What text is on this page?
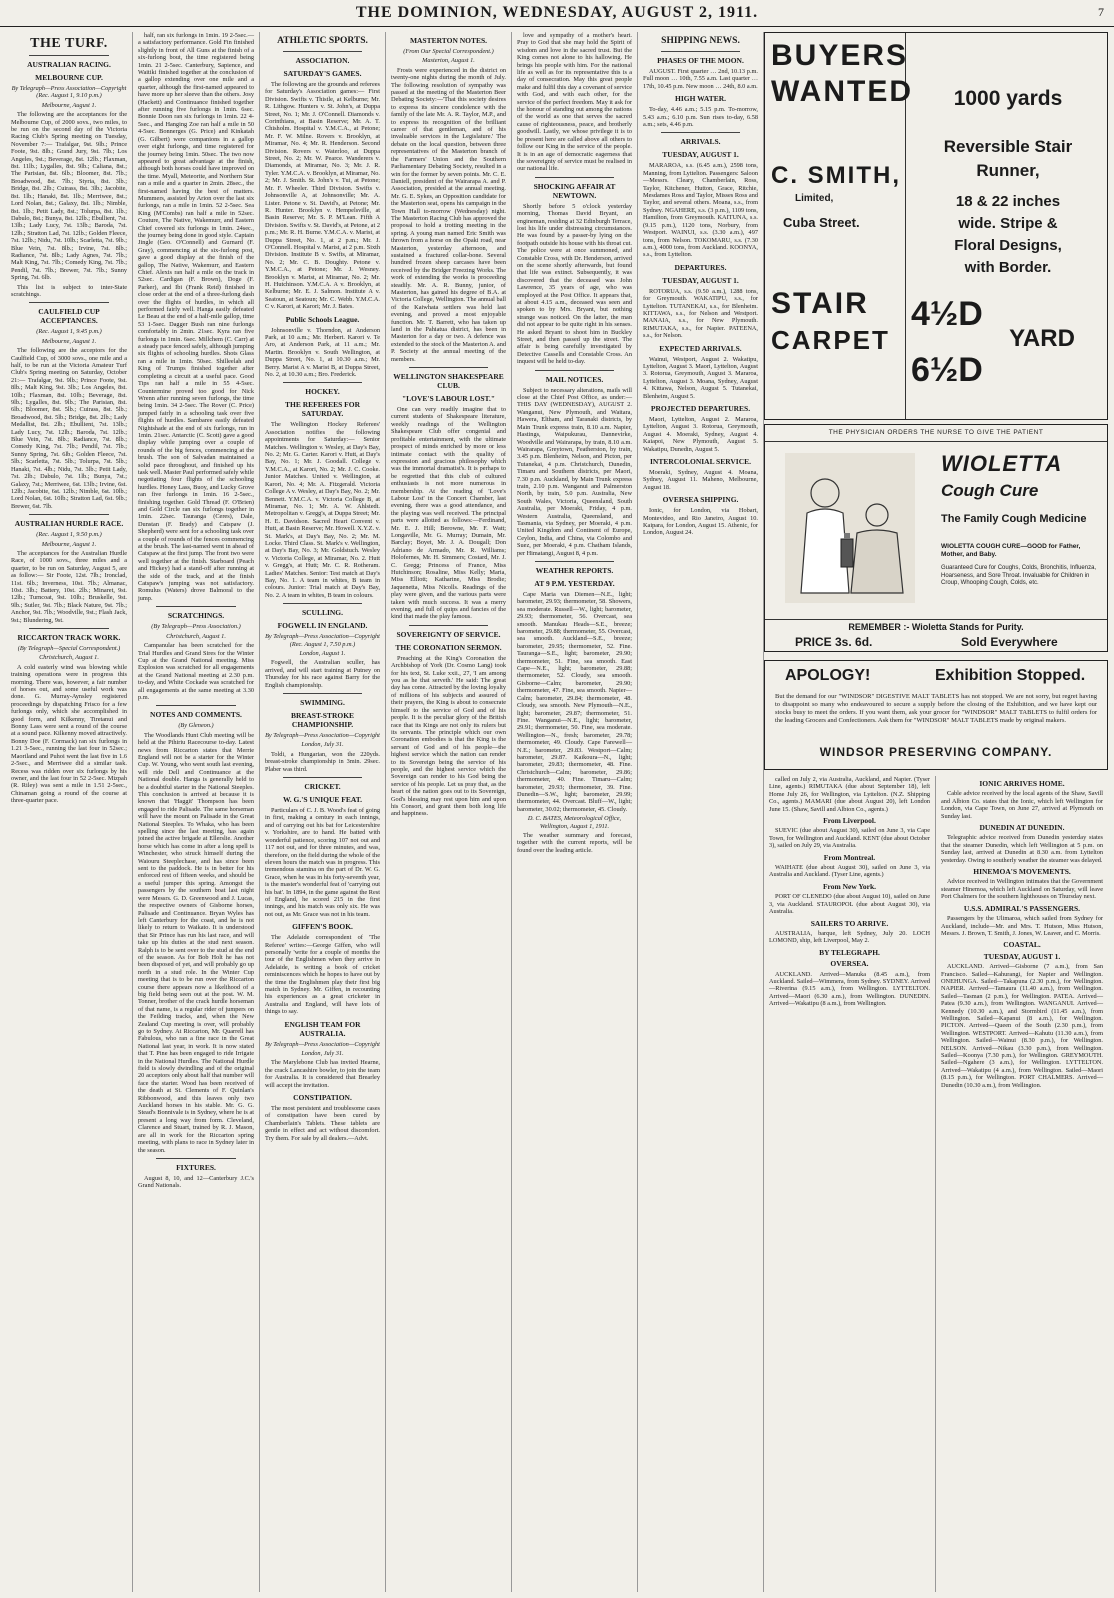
THE DOMINION, WEDNESDAY, AUGUST 2, 1911.	7
THE TURF.
AUSTRALIAN RACING.
MELBOURNE CUP.

By Telegraph—Press Association—Copyright (Rec. August 1, 9.10 p.m.)

Melbourne, August 1.

The following are the acceptances for the Melbourne Cup, of 2000 sovs., two miles, to be run on the second day of the Victoria Racing Club's Spring meeting on Tuesday, November 7:— Trafalgar, 9st. 9lb.; Prince Foote, 9st. 8lb.; Grand Jury, 9st. 7lb.; Los Angeles, 9st.; Beverage, 8st. 12lb.; Flaxman, 8st. 11lb.; Lygalles, 8st. 9lb.; Caliana, 8st.; The Parisian, 8st. 6lb.; Bloomer, 8st. 7lb.; Broadwood, 8st. 7lb.; Styria, 8st. 3lb.; Bridge, 8st. 2lb.; Cuirass, 8st. 3lb.; Jacobite, 8st. 1lb.; Hanaki, 8st. 1lb.; Merriwee, 8st.; Lord Nolan, 8st.; Galaxy, 8st. 1lb.; Nimble, 8st. 1lb.; Petit Lady, 8st.; Tolurpa, 8st. 1lb.; Dabulo, 8st.; Bunya, 8st. 12lb.; Ebullient, 7st. 13lb.; Lady Lucy, 7st. 13lb.; Baroda, 7st. 12lb.; Stratton Lad, 7st. 12lb.; Golden Fleece, 7st. 12lb.; Nidu, 7st. 10lb.; Scarletta, 7st. 9lb.; Blue Vein, 7st. 8lb.; Irvine, 7st. 8lb.; Radiance, 7st. 8lb.; Lady Agnes, 7st. 7lb.; Malt King, 7st. 7lb.; Comedy King, 7st. 7lb.; Pendil, 7st. 7lb.; Brewer, 7st. 7lb.; Sunny Spring, 7st. 6lb.

This list is subject to inter-State scratchings.

CAULFIELD CUP ACCEPTANCES.

(Rec. August 1, 9.45 p.m.)

Melbourne, August 1.

The following are the acceptors for the Caulfield Cup, of 3000 sovs., one mile and a half, to be run at the Victoria Amateur Turf Club's Spring meeting on Saturday, October 21:— Trafalgar, 9st. 9lb.; Prince Foote, 9st. 8lb.; Malt King, 9st. 3lb.; Los Angeles, 8st. 10lb.; Flaxman, 8st. 10lb.; Beverage, 8st. 9lb.; Lygalles, 8st. 9lb.; The Parisian, 8st. 6lb.; Bloomer, 8st. 5lb.; Cuirass, 8st. 5lb.; Broadwood, 8st. 5lb.; Bridge, 8st. 2lb.; Lady Medallist, 8st. 2lb.; Ebullient, 7st. 13lb.; Lady Lucy, 7st. 12lb.; Baroda, 7st. 12lb.; Blue Vein, 7st. 8lb.; Radiance, 7st. 8lb.; Comedy King, 7st. 7lb.; Pendil, 7st. 7lb.; Sunny Spring, 7st. 6lb.; Golden Fleece, 7st. 5lb.; Scarletta, 7st. 5lb.; Tolurpa, 7st. 5lb.; Hanaki, 7st. 4lb.; Nidu, 7st. 3lb.; Petit Lady, 7st. 2lb.; Dabulo, 7st. 1lb.; Bunya, 7st.; Galaxy, 7st.; Merriwee, 6st. 13lb.; Irvine, 6st. 12lb.; Jacobite, 6st. 12lb.; Nimble, 6st. 10lb.; Lord Nolan, 6st. 10lb.; Stratton Lad, 6st. 9lb.; Brewer, 6st. 7lb.

AUSTRALIAN HURDLE RACE.

(Rec. August 1, 9.50 p.m.)

Melbourne, August 1.

The acceptances for the Australian Hurdle Race, of 1000 sovs., three miles and a quarter, to be run on Saturday, August 5, are as follow:— Sir Foote, 12st. 7lb.; Ironclad, 11st. 6lb.; Inverness, 10st. 7lb.; Almanac, 10st. 3lb.; Battery, 10st. 2lb.; Minaret, 9st. 12lb.; Turncoat, 9st. 10lb.; Bruskelle, 9st. 9lb.; Sutler, 9st. 7lb.; Black Nature, 9st. 7lb.; Anchor, 9st. 7lb.; Woodville, 9st.; Flash Jack, 9st.; Blundering, 9st.

RICCARTON TRACK WORK.

(By Telegraph—Special Correspondent.)

Christchurch, August 1.

A cold easterly wind was blowing while training operations were in progress this morning. There was, however, a fair number of horses out, and some useful work was done. G. Murray-Aynsley registered proceedings by dispatching Frisco for a few furlongs only, which she accomplished in good form, and Kilkenny, Tiretanui and Bonny Lass were sent a round of the course at a sound pace. Kilkenny moved attractively. Bonny Doe (F. Cormack) ran six furlongs in 1.21 3-5sec., running the last four in 52sec.; Maoriland and Puhoi went the last five in 1.6 2-5sec., and Merriwee did a similar task. Recess was ridden over six furlongs by his owner, and the last four in 52 2-5sec. Mizpah (R. Riley) was sent a mile in 1.51 2-5sec., Chinaman going a round of the course at three-quarter pace.

half, ran six furlongs in 1min. 19 2-5sec.—a satisfactory performance. Gold Fin finished slightly in front of All Guns at the finish of a six-furlong bout, the time registered being 1min. 21 2-5sec. Canterbury, Sapience, and Waitiki finished together at the conclusion of a gallop extending over one mile and a quarter, although the first-named appeared to have more up her sleeve than the others. Josy (Hackett) and Continuance finished together after running five furlongs in 1min. 6sec. Bonnie Doon ran six furlongs in 1min. 22 4-5sec., and Hanging Zoe ran half a mile in 50 4-5sec. Bonnerges (G. Price) and Kinkatah (G. Gilbert) were companions in a gallop over eight furlongs, and time registered for the journey being 1min. 50sec. The two now appeared to great advantage at the finish, although both horses could have improved on the time. Myall, Meteorite, and Northern Star ran a mile and a quarter in 2min. 28sec., the first-named having the best of matters. Mummers, assisted by Arion over the last six furlongs, ran a mile in 1min. 52 2-5sec. Sea King (M'Combs) ran half a mile in 52sec. Couture, The Native, Wakemurr, and Eastern Chief covered six furlongs in 1min. 24sec., the journey being done in good style. Captain Jingle (Geo. O'Connell) and Gurnard (F. Gray), commencing at the six-furlong post, gave a good display at the finish of the gallop, The Native, Wakemurr, and Eastern Chief. Alexis ran half a mile on the track in 52sec. Cardigan (F. Brown), Doge (F. Parker), and Ibi (Frank Reid) finished in close order at the end of a three-furlong dash over the flights of hurdles, in which all performed fairly well. Hanga easily defeated Le Beau at the end of a half-mile gallop, time 53 1-5sec. Dagger Bush ran nine furlongs comfortably in 2min. 21sec. Kyra ran five furlongs in 1min. 6sec. Millchem (C. Carr) at a steady pace fenced safely, although jumping six flights of schooling hurdles. Shots Glass ran a mile in 1min. 50sec. Shilleelah and King of Trumps finished together after completing a circuit at a useful pace. Good Tips ran half a mile in 55 4-5sec. Countermine proved too good for Nick Wrenn after running seven furlongs, the time being 1min. 34 2-5sec. The Rover (C. Price) jumped fairly in a schooling task over five flights of hurdles. Sambaree easily defeated Nightshade at the end of six furlongs, run in 1min. 21sec. Antarctic (C. Scott) gave a good display while jumping over a couple of rounds of the big fences, commencing at the brush. The son of Salvadan maintained a solid pace throughout, and finished up his task well. Master Paul performed safely while negotiating four flights of the schooling hurdles. Honey Lass, Buoy, and Lucky Grove ran five furlongs in 1min. 16 2-5sec., finishing together. Gold Thread (F. O'Brien) and Gold Circle ran six furlongs together in 1min. 22sec. Tauranga (Ceres), Dale, Dunstan (F. Brady) and Catspaw (J. Shepherd) were sent for a schooling task over a couple of rounds of the fences commencing at the brush. The last-named went in ahead of Catspaw at the first jump. The front two were well together at the finish. Starboard (Peach and Hickey) had a stand-off after running at the side of the track, and at the finish Catspaw's jumping was not satisfactory. Romulus (Waters) drove Balmoral to the jump.

SCRATCHINGS.

(By Telegraph—Press Association.)

Christchurch, August 1.

Campanular has been scratched for the Trial Hurdles and Grand Sires for the Winter Cup at the Grand National meeting. Miss Explosion was scratched for all engagements at the Grand National meeting at 2.30 p.m. to-day, and White Cockade was scratched for all engagements at the same meeting at 3.30 p.m.

NOTES AND COMMENTS.

(By Gleneon.)

The Woodlands Hunt Club meeting will be held at the Pihiriu Racecourse to-day. Latest news from Riccarton states that Merrie England will not be a starter for the Winter Cup. W. Young, who went south last evening, will ride Dell and Continuance at the National double. Hanga is generally held to be a doubtful starter in the National Steeples. This conclusion is arrived at because it is known that 'Haggit' Thompson has been engaged to ride Palisade. The same horseman will have the mount on Palisade in the Great National Steeples. To Whaka, who has been spelling since the last meeting, has again joined the active brigade at Ellerslie. Another horse which has come in after a long spell is Winchester, who struck himself during the Waiouru Steeplechase, and has since been sent to the paddock. He is in better for his enforced rest of fifteen weeks, and should be a useful jumper this spring. Amongst the passengers by the southern boat last night were Messrs. G. D. Greenwood and J. Lucas, the respective owners of Gisborne horses, Palisade and Continuance. Bryan Wyles has left Canterbury for the coast, and he is not likely to return to Waikato. It is understood that Sir Prince has run his last race, and will take up his duties at the stud next season. Ralph is to be sent over to the stud at the end of the season. As for Bob Holt he has not been disposed of yet, and will probably go up north in a stud role. In the Winter Cup meeting that is to be run over the Riccarton course there appears now a likelihood of a big field being seen out at the post. W. M. Tonner, brother of the crack hurdle horseman of that name, is a regular rider of jumpers on the Feilding tracks, and, when the New Zealand Cup meeting is over, will probably go to Sydney. At Riccarton, Mr. Quarrell has Fabulous, who ran a fine race in the Great National last year, in work. It is now stated that T. Pine has been engaged to ride Irrigate in the National Hurdles. The National Hurdle field is slowly dwindling and of the original 20 acceptors only about half that number will face the starter. Wood has been received of the death at St. Clements of F. Quinlan's Ribbonwood, and this leaves only two Auckland horses in his stable. Mr. G. G. Stead's Bonnivale is in Sydney, where he is at present a long way from form. Cleveland, Clarence and Stuart, trained by R. J. Mason, are all in work for the Riccarton spring meeting, with plans to race in Sydney later in the season.

FIXTURES.

August 8, 10, and 12—Canterbury J.C.'s Grand Nationals.

ATHLETIC SPORTS.
ASSOCIATION.
SATURDAY'S GAMES.

The following are the grounds and referees for Saturday's Association games:— First Division. Swifts v. Thistle, at Kelburne; Mr. R. Lithgow. Hunters v. St. John's, at Duppa Street, No. 1; Mr. J. O'Connell. Diamonds v. Corinthians, at Basin Reserve; Mr. A. T. Chisholm. Hospital v. Y.M.C.A., at Petone; Mr. F. W. Milne. Rovers v. Brooklyn, at Miramar, No. 4; Mr. R. Henderson. Second Division. Rovers v. Waterloo, at Duppa Street, No. 2; Mr. W. Pearce. Wanderers v. Diamonds, at Miramar, No. 3; Mr. J. R. Tyler. Y.M.C.A. v. Brooklyn, at Miramar, No. 2; Mr. J. Smith. St. John's v. Tui, at Petone; Mr. F. Wheeler. Third Division. Swifts v. Johnsonville A, at Johnsonville; Mr. A. Lister. Petone v. St. David's, at Petone; Mr. R. Hunter. Brooklyn v. Hempelsville, at Basin Reserve; Mr. S. P. M'Lean. Fifth A Division. Swifts v. St. David's, at Petone, at 2 p.m.; Mr. R. H. Burne. Y.M.C.A. v. Marist, at Duppa Street, No. 1, at 2 p.m.; Mr. J. O'Connell. Hospital v. Marist, at 2 p.m. Sixth Division. Institute B v. Swifts, at Miramar, No. 2; Mr. C. B. Doughty. Petone v. Y.M.C.A., at Petone; Mr. J. Wesney. Brooklyn v. Marist, at Miramar, No. 2; Mr. H. Hutchinson. Y.M.C.A. A v. Brooklyn, at Kelburne; Mr. E. J. Salmon. Institute A v. Seatoun, at Seatoun; Mr. C. Webb. Y.M.C.A. C v. Karori, at Karori; Mr. J. Bates.

Public Schools League.

Johnsonville v. Thorndon, at Anderson Park, at 10 a.m.; Mr. Herbert. Karori v. Te Aro, at Anderson Park, at 11 a.m.; Mr. Martin. Brooklyn v. South Wellington, at Duppa Street, No. 1, at 10.30 a.m.; Mr. Berry. Marist A v. Marist B, at Duppa Street, No. 2, at 10.30 a.m.; Bro. Frederick.

HOCKEY.
THE REFEREES FOR SATURDAY.

The Wellington Hockey Referees' Association notifies the following appointments for Saturday:— Senior Matches. Wellington v. Wesley, at Day's Bay, No. 2; Mr. G. Carter. Karori v. Hutt, at Day's Bay, No. 1; Mr. J. Goodall. College v. Y.M.C.A., at Karori, No. 2; Mr. J. C. Cooke. Junior Matches. United v. Wellington, at Karori, No. 4; Mr. A. Fitzgerald. Victoria College A v. Wesley, at Day's Bay, No. 2; Mr. Bennett. Y.M.C.A. v. Victoria College B, at Miramar, No. 1; Mr. A. W. Ahlstedt. Metropolitan v. Gregg's, at Duppa Street; Mr. H. E. Davidson. Sacred Heart Convent v. Hutt, at Basin Reserve; Mr. Howell. X.Y.Z. v. St. Mark's, at Day's Bay, No. 2; Mr. M. Locke. Third Class. St. Mark's v. Wellington, at Day's Bay, No. 3; Mr. Goldstuch. Wesley v. Victoria College, at Miramar, No. 2. Hutt v. Gregg's, at Hutt; Mr. C. R. Rotheram. Ladies' Matches. Senior: Test match at Day's Bay, No. 1. A team in whites, B team in colours. Junior: Trial match at Day's Bay, No. 2. A team in whites, B team in colours.

SCULLING.
FOGWELL IN ENGLAND.

By Telegraph—Press Association—Copyright (Rec. August 1, 7.50 p.m.)

London, August 1.

Fogwell, the Australian sculler, has arrived, and will start training at Putney on Thursday for his race against Barry for the English championship.

SWIMMING.
BREAST-STROKE CHAMPIONSHIP.

By Telegraph—Press Association—Copyright

London, July 31.

Toldi, a Hungarian, won the 220yds. breast-stroke championship in 3min. 29sec. Plaber was third.

CRICKET.
W. G.'S UNIQUE FEAT.

Particulars of C. J. B. Wood's feat of going in first, making a century in each innings, and of carrying out his bat for Leicestershire v. Yorkshire, are to hand. He batted with wonderful patience, scoring 107 not out and 117 not out, and for three minutes, and was, therefore, on the field during the whole of the eleven hours the match was in progress. This tremendous stamina on the part of Dr. W. G. Grace, when he was in his forty-seventh year, is the master's wonderful feat of 'carrying out his bat'. In 1894, in the game against the Rest of England, he scored 215 in the first innings, and his match was only six. He was not out, as Mr. Grace was not in his team.

GIFFEN'S BOOK.

The Adelaide correspondent of 'The Referee' writes:—George Giffen, who will personally 'write for a couple of months the tour of the Englishmen when they arrive in Adelaide, is writing a book of cricket reminiscences which he hopes to have out by the time the Englishmen play their first big match in Sydney. Mr. Giffen, in recounting his experiences as a great cricketer in Australia and England, will have lots of things to say.

ENGLISH TEAM FOR AUSTRALIA.

By Telegraph—Press Association—Copyright

London, July 31.

The Marylebone Club has invited Hearne, the crack Lancashire bowler, to join the team for Australia. It is considered that Brearley will accept the invitation.

CONSTIPATION.

The most persistent and troublesome cases of constipation have been cured by Chamberlain's Tablets. These tablets are gentle in effect and act without discomfort. Try them. For sale by all dealers.—Advt.

MASTERTON NOTES.

(From Our Special Correspondent.)

Masterton, August 1.

Frosts were experienced in the district on twenty-one nights during the month of July. The following resolution of sympathy was passed at the meeting of the Masterton Beer Debating Society:—'That this society desires to express its sincere condolence with the family of the late Mr. A. R. Taylor, M.P., and to express its recognition of the brilliant career of that gentleman, and of his invaluable services in the Legislature.' The debate on the local question, between three representatives of the Masterton branch of the Farmers' Union and the Southern Parliamentary Debating Society, resulted in a win for the former by seven points. Mr. C. E. Daniell, president of the Wairarapa A. and P. Association, presided at the annual meeting. Mr. G. E. Sykes, an Opposition candidate for the Masterton seat, opens his campaign in the Town Hall to-morrow (Wednesday) night. The Masterton Racing Club has approved the proposal to hold a trotting meeting in the spring. A young man named Eric Smith was thrown from a horse on the Opaki road, near Masterton, yesterday afternoon, and sustained a fractured collar-bone. Several hundred frozen sheep carcases have been received by the Bridger Freezing Works. The work of extending the works is proceeding steadily. Mr. A. R. Bunny, junior, of Masterton, has gained his degree of B.A. at Victoria College, Wellington. The annual ball of the Kaiwhata settlers was held last evening, and proved a most enjoyable function. Mr. T. Barrett, who has taken up land in the Pahiatua district, has been in Masterton for a day or two. A defence was extended to the stock of the Masterton A. and P. Society at the annual meeting of the members.

WELLINGTON SHAKESPEARE CLUB.
"LOVE'S LABOUR LOST."

One can very readily imagine that to current students of Shakespeare literature, weekly readings of the Wellington Shakespeare Club offer congenial and profitable entertainment, with the ultimate prospect of minds enriched by more or less intimate contact with the quality of expression and gracious philosophy which was the immortal dramatist's. It is perhaps to be regretted that this club of cultured enthusiasts is not more numerous in membership. At the reading of 'Love's Labour Lost' in the Concert Chamber, last evening, there was a good attendance, and the playing was well received. The principal parts were allotted as follows:—Ferdinand, Mr. E. J. Hill; Berowne, Mr. F. Watt; Longaville, Mr. G. Murray; Dumain, Mr. Barclay; Boyet, Mr. J. A. Dougall; Don Adriano de Armado, Mr. R. Williams; Holofernes, Mr. H. Simmers; Costard, Mr. J. C. Gregg; Princess of France, Miss Hutchinson; Rosaline, Miss Kelly; Maria, Miss Elliott; Katharine, Miss Brodie; Jaquenetta, Miss Nicolls. Readings of the play were given, and the various parts were taken with much success. It was a merry evening, and full of quips and fancies of the kind that made the play famous.

SOVEREIGNTY OF SERVICE.
THE CORONATION SERMON.

Preaching at the King's Coronation the Archbishop of York (Dr. Cosmo Lang) took for his text, St. Luke xxii., 27, 'I am among you as he that serveth.' He said: The great day has come. Attracted by the loving loyalty of millions of his subjects and assured of their prayers, the King is about to consecrate himself to the service of God and of his people. It is the peculiar glory of the British race that its Kings are not only its rulers but its servants. The principle which our own Coronation embodies is that the King is the servant of God and of his people—the highest service which the nation can render to its Sovereign being the service of his people, and the highest service which the Sovereign can render to his God being the service of his people. Let us pray that, as the heart of the nation goes out to its Sovereign, God's blessing may rest upon him and upon his Consort, and grant them both long life and happiness.

love and sympathy of a mother's heart. Pray to God that she may hold the Spirit of wisdom and love in the sacred trust. But the King comes not alone to his hallowing. He brings his people with him. For the national life as well as for its representative this is a day of consecration. May this great people make and fulfil this day a covenant of service with God, and with each other, for the service of the perfect freedom. May it ask for the honour of standing out among the nations of the world as one that serves the sacred cause of righteousness, peace, and brotherly goodwill. Lastly, we whose privilege it is to be present here are called above all others to follow our King in the service of the people. It is in an age of democratic eagerness that the sovereignty of service must be realised in our national life.

SHOCKING AFFAIR AT NEWTOWN.

Shortly before 5 o'clock yesterday morning, Thomas David Bryant, an engineman, residing at 32 Edinburgh Terrace, lost his life under distressing circumstances. He was found by a passer-by lying on the footpath outside his house with his throat cut. The police were at once summoned, and Constable Cross, with Dr. Henderson, arrived on the scene shortly afterwards, but found that life was extinct. Subsequently, it was discovered that the deceased was John Lawrence, 35 years of age, who was employed at the Post Office. It appears that, at about 4.15 a.m., deceased was seen and spoken to by Mrs. Bryant, but nothing strange was noticed. On the latter, the man did not appear to be quite right in his senses. He asked Bryant to shoot him in Buckley Street, and then passed up the street. The affair is being carefully investigated by Detective Cassells and Constable Cross. An inquest will be held to-day.

MAIL NOTICES.

Subject to necessary alterations, mails will close at the Chief Post Office, as under:— THIS DAY (WEDNESDAY), AUGUST 2. Wanganui, New Plymouth, and Waitara, Hawera, Eltham, and Taranaki districts, by Main Trunk express train, 8.10 a.m. Napier, Hastings, Waipukurau, Dannevirke, Woodville and Wairarapa, by train, 8.10 a.m. Wairarapa, Greytown, Featherston, by train, 3.45 p.m. Blenheim, Nelson, and Picton, per Tutanekai, 4 p.m. Christchurch, Dunedin, Timaru and Southern districts, per Maori, 7.30 p.m. Auckland, by Main Trunk express train, 2.10 p.m. Wanganui and Palmerston North, by train, 5.0 p.m. Australia, New South Wales, Victoria, Queensland, South Australia, per Moeraki, Friday, 4 p.m. Western Australia, Queensland, and Tasmania, via Sydney, per Moeraki, 4 p.m. United Kingdom and Continent of Europe, Ceylon, India, and China, via Colombo and Suez, per Moeraki, 4 p.m. Chatham Islands, per Himatangi, August 8, 4 p.m.

WEATHER REPORTS.
AT 9 P.M. YESTERDAY.

Cape Maria van Diemen—N.E., light; barometer, 29.93; thermometer, 58. Showers, sea moderate. Russell—W., light; barometer, 29.93; thermometer, 56. Overcast, sea smooth. Manukau Heads—S.E., breeze; barometer, 29.88; thermometer, 55. Overcast, sea smooth. Auckland—S.E., breeze; barometer, 29.95; thermometer, 52. Fine. Tauranga—S.E., light; barometer, 29.90; thermometer, 51. Fine, sea smooth. East Cape—N.E., light; barometer, 29.88; thermometer, 52. Cloudy, sea smooth. Gisborne—Calm; barometer, 29.90; thermometer, 47. Fine, sea smooth. Napier—Calm; barometer, 29.84; thermometer, 48. Cloudy, sea smooth. New Plymouth—N.E., light; barometer, 29.87; thermometer, 51. Fine. Wanganui—N.E., light; barometer, 29.91; thermometer, 50. Fine, sea moderate. Wellington—N., fresh; barometer, 29.78; thermometer, 49. Cloudy. Cape Farewell—N.E.; barometer, 29.83. Westport—Calm; barometer, 29.87. Kaikoura—N., light; barometer, 29.83; thermometer, 48. Fine. Christchurch—Calm; barometer, 29.86; thermometer, 40. Fine. Timaru—Calm; barometer, 29.93; thermometer, 39. Fine. Dunedin—S.W., light; barometer, 29.99; thermometer, 44. Overcast. Bluff—W., light; barometer, 30.02; thermometer, 45. Cloudy.

D. C. BATES, Meteorological Office, Wellington, August 1, 1911.

The weather summary and forecast, together with the current reports, will be found over the leading article.

SHIPPING NEWS.
PHASES OF THE MOON.

AUGUST. First quarter … 2nd, 10.13 p.m. Full moon … 10th, 7.55 a.m. Last quarter … 17th, 10.45 p.m. New moon … 24th, 8.0 a.m.

HIGH WATER.

To-day, 4.46 a.m.; 5.15 p.m. To-morrow, 5.43 a.m.; 6.10 p.m. Sun rises to-day, 6.58 a.m.; sets, 4.46 p.m.

ARRIVALS.
TUESDAY, AUGUST 1.

MARAROA, s.s. (6.45 a.m.), 2598 tons, Manning, from Lyttelton. Passengers: Saloon—Messrs. Cleary, Chamberlain, Ross, Taylor, Kitchener, Hutton, Grace, Ritchie, Mesdames Ross and Taylor, Misses Ross and Taylor, and several others. Moana, s.s., from Sydney. NGAHERE, s.s. (3 p.m.), 1109 tons, Hamilton, from Greymouth. KAITUNA, s.s. (9.15 p.m.), 1120 tons, Norbury, from Westport. WAINUI, s.s. (3.30 a.m.), 497 tons, from Nelson. TOKOMARU, s.s. (7.30 a.m.), 4000 tons, from Auckland. KOONYA, s.s., from Lyttelton.

DEPARTURES.
TUESDAY, AUGUST 1.

ROTORUA, s.s. (9.50 a.m.), 1288 tons, for Greymouth. WAKATIPU, s.s., for Lyttelton. TUTANEKAI, s.s., for Blenheim. KITTAWA, s.s., for Nelson and Westport. MANAIA, s.s., for New Plymouth. RIMUTAKA, s.s., for Napier. PATEENA, s.s., for Nelson.

EXPECTED ARRIVALS.

Wainui, Westport, August 2. Wakatipu, Lyttelton, August 3. Maori, Lyttelton, August 3. Rotorua, Greymouth, August 3. Mararoa, Lyttelton, August 3. Moana, Sydney, August 4. Kittawa, Nelson, August 5. Tutanekai, Blenheim, August 5.

PROJECTED DEPARTURES.

Maori, Lyttelton, August 2. Mararoa, Lyttelton, August 3. Rotorua, Greymouth, August 4. Moeraki, Sydney, August 4. Kaiapoi, New Plymouth, August 5. Wakatipu, Dunedin, August 5.

INTERCOLONIAL SERVICE.

Moeraki, Sydney, August 4. Moana, Sydney, August 11. Maheno, Melbourne, August 18.

OVERSEA SHIPPING.

Ionic, for London, via Hobart, Montevideo, and Rio Janeiro, August 10. Kaipara, for London, August 15. Athenic, for London, August 24.

BUYERS
WANTED
C. SMITH,
Limited,
Cuba Street.
STAIR
CARPET
1000 yards
Reversible Stair
Runner,
18 & 22 inches
wide. Stripe &
Floral Designs,
with Border.
4½D
6½D
YARD
THE PHYSICIAN ORDERS THE NURSE TO GIVE THE PATIENT
WIOLETTA
Cough Cure
The Family Cough Medicine
WIOLETTA COUGH CURE—GOOD for Father, Mother, and Baby.
Guaranteed Cure for Coughs, Colds, Bronchitis, Influenza, Hoarseness, and Sore Throat. Invaluable for Children in Croup, Whooping Cough, Colds, etc.
REMEMBER :- Wioletta Stands for Purity.
PRICE 3s. 6d.	Sold Everywhere
APOLOGY!	Exhibition Stopped.
But the demand for our "WINDSOR" DIGESTIVE MALT TABLETS has not stopped. We are not sorry, but regret having to disappoint so many who endeavoured to secure a supply before the closing of the Exhibition, and we have kept our stocks busy to meet the orders. If you want them, ask your grocer for "WINDSOR" MALT TABLETS to fulfil orders for the leading Grocers and Confectioners. Ask them for "WINDSOR" MALT TABLETS made by original makers.
WINDSOR PRESERVING COMPANY.

called on July 2, via Australia, Auckland, and Napier. (Tyser Line, agents.) RIMUTAKA (due about September 18), left Home July 26, for Wellington, via Lyttelton. (N.Z. Shipping Co., agents.) MAMARI (due about August 20), left London June 15. (Shaw, Savill and Albion Co., agents.)

From Liverpool.

SUEVIC (due about August 30), sailed on June 3, via Cape Town, for Wellington and Auckland. KENT (due about October 3), sailed on July 29, via Australia.

From Montreal.

WAIHATE (due about August 30), sailed on June 3, via Australia and Auckland. (Tyser Line, agents.)

From New York.

PORT OF CLENEDO (due about August 10), sailed on June 3, via Auckland. STAUROPOL (due about August 30), via Australia.

SAILERS TO ARRIVE.

AUSTRALIA, barque, left Sydney, July 20. LOCH LOMOND, ship, left Liverpool, May 2.

BY TELEGRAPH.
OVERSEA.

AUCKLAND. Arrived—Manuka (8.45 a.m.), from Auckland. Sailed—Wimmera, from Sydney. SYDNEY. Arrived—Riverina (9.15 a.m.), from Wellington. LYTTELTON. Arrived—Maori (6.30 a.m.), from Wellington. DUNEDIN. Arrived—Wakatipu (8 a.m.), from Wellington.

IONIC ARRIVES HOME.

Cable advice received by the local agents of the Shaw, Savill and Albion Co. states that the Ionic, which left Wellington for London, via Cape Town, on June 27, arrived at Plymouth on Sunday last.

DUNEDIN AT DUNEDIN.

Telegraphic advice received from Dunedin yesterday states that the steamer Dunedin, which left Wellington at 5 p.m. on Sunday last, arrived at Dunedin at 8.30 a.m. from Lyttelton yesterday. Owing to southerly weather the steamer was delayed.

HINEMOA'S MOVEMENTS.

Advice received in Wellington intimates that the Government steamer Hinemoa, which left Auckland on Saturday, will leave Port Chalmers for the southern lighthouses on Thursday next.

U.S.S. ADMIRAL'S PASSENGERS.

Passengers by the Ulimaroa, which sailed from Sydney for Auckland, include—Mr. and Mrs. T. Hutson, Miss Hutson, Messrs. J. Brown, T. Smith, J. Jones, W. Leaver, and C. Morris.

COASTAL.
TUESDAY, AUGUST 1.

AUCKLAND. Arrived—Gisborne (7 a.m.), from San Francisco. Sailed—Kahurangi, for Napier and Wellington. ONEHUNGA. Sailed—Takapuna (2.30 p.m.), for Wellington. NAPIER. Arrived—Tamaura (11.40 a.m.), from Wellington. Sailed—Tasman (2 p.m.), for Wellington. PATEA. Arrived—Patea (9.30 a.m.), from Wellington. WANGANUI. Arrived—Kennedy (10.30 a.m.), and Stormbird (11.45 a.m.), from Wellington. Sailed—Kapanui (8 a.m.), for Wellington. PICTON. Arrived—Queen of the South (2.30 p.m.), from Wellington. WESTPORT. Arrived—Kahutu (11.30 a.m.), from Wellington. Sailed—Wainui (8.30 p.m.), for Wellington. NELSON. Arrived—Nikau (3.30 p.m.), from Wellington. Sailed—Koonya (7.30 p.m.), for Wellington. GREYMOUTH. Sailed—Ngahere (3 a.m.), for Wellington. LYTTELTON. Arrived—Wakatipu (4 a.m.), from Wellington. Sailed—Maori (8.15 p.m.), for Wellington. PORT CHALMERS. Arrived—Dunedin (10.30 a.m.), from Wellington.
